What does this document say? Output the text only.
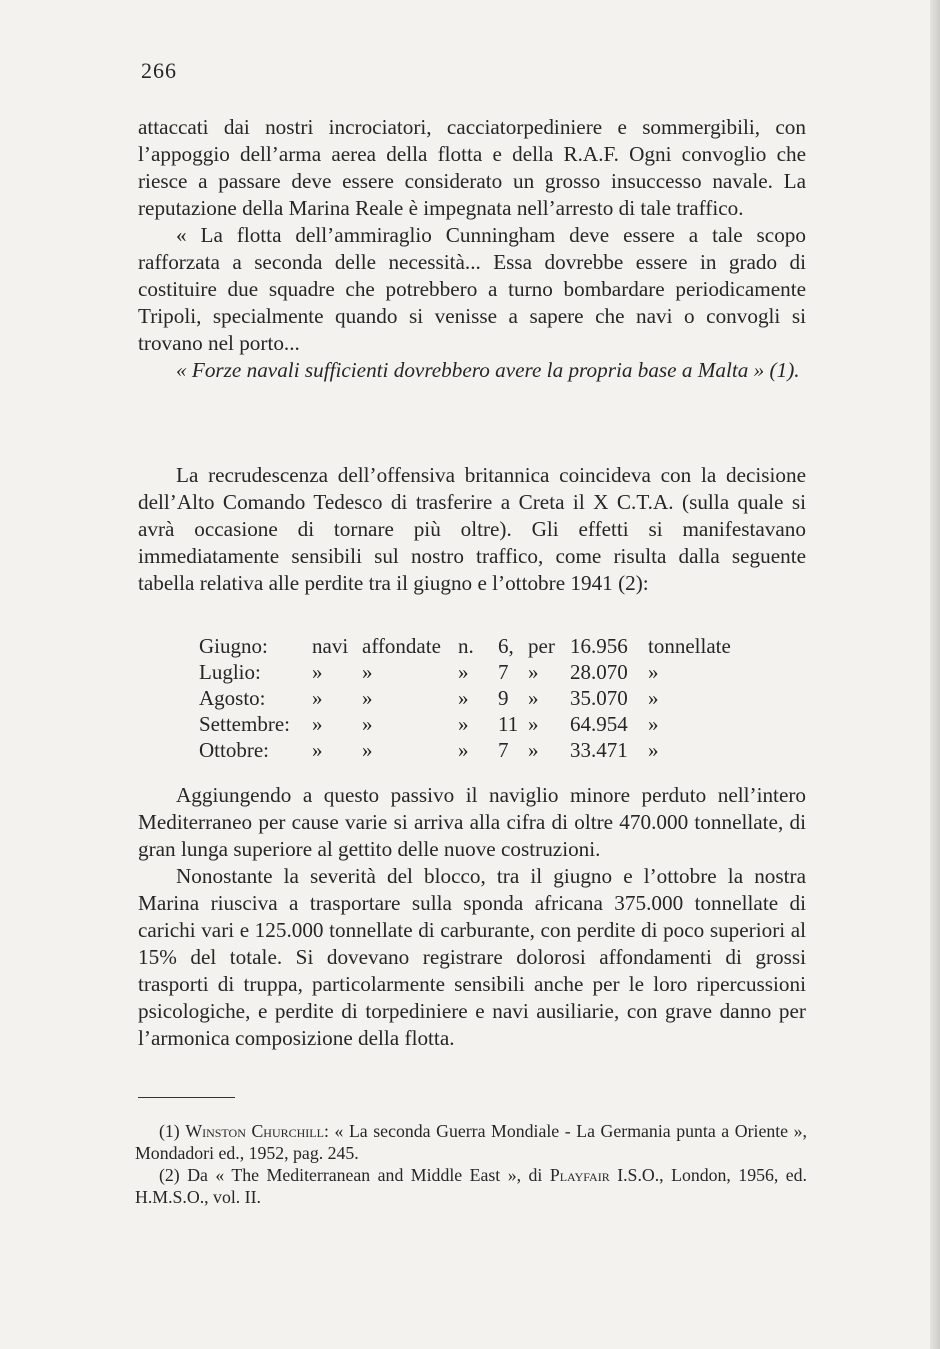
266

attaccati dai nostri incrociatori, cacciatorpediniere e sommergibili, con l’appoggio dell’arma aerea della flotta e della R.A.F. Ogni convoglio che riesce a passare deve essere considerato un grosso insuccesso navale. La reputazione della Marina Reale è impegnata nell’arresto di tale traffico.

« La flotta dell’ammiraglio Cunningham deve essere a tale scopo rafforzata a seconda delle necessità... Essa dovrebbe essere in grado di costituire due squadre che potrebbero a turno bombardare periodicamente Tripoli, specialmente quando si venisse a sapere che navi o convogli si trovano nel porto...

« Forze navali sufficienti dovrebbero avere la propria base a Malta » (1).

La recrudescenza dell’offensiva britannica coincideva con la decisione dell’Alto Comando Tedesco di trasferire a Creta il X C.T.A. (sulla quale si avrà occasione di tornare più oltre). Gli effetti si manifestavano immediatamente sensibili sul nostro traffico, come risulta dalla seguente tabella relativa alle perdite tra il giugno e l’ottobre 1941 (2):

Giugno:	navi	affondate	n.	6,	per	16.956	tonnellate
Luglio:	»	»	»	7	»	28.070	»
Agosto:	»	»	»	9	»	35.070	»
Settembre:	»	»	»	11	»	64.954	»
Ottobre:	»	»	»	7	»	33.471	»

Aggiungendo a questo passivo il naviglio minore perduto nell’intero Mediterraneo per cause varie si arriva alla cifra di oltre 470.000 tonnellate, di gran lunga superiore al gettito delle nuove costruzioni.

Nonostante la severità del blocco, tra il giugno e l’ottobre la nostra Marina riusciva a trasportare sulla sponda africana 375.000 tonnellate di carichi vari e 125.000 tonnellate di carburante, con perdite di poco superiori al 15% del totale. Si dovevano registrare dolorosi affondamenti di grossi trasporti di truppa, particolarmente sensibili anche per le loro ripercussioni psicologiche, e perdite di torpediniere e navi ausiliarie, con grave danno per l’armonica composizione della flotta.

(1) Winston Churchill: « La seconda Guerra Mondiale - La Germania punta a Oriente », Mondadori ed., 1952, pag. 245.

(2) Da « The Mediterranean and Middle East », di Playfair I.S.O., London, 1956, ed. H.M.S.O., vol. II.
